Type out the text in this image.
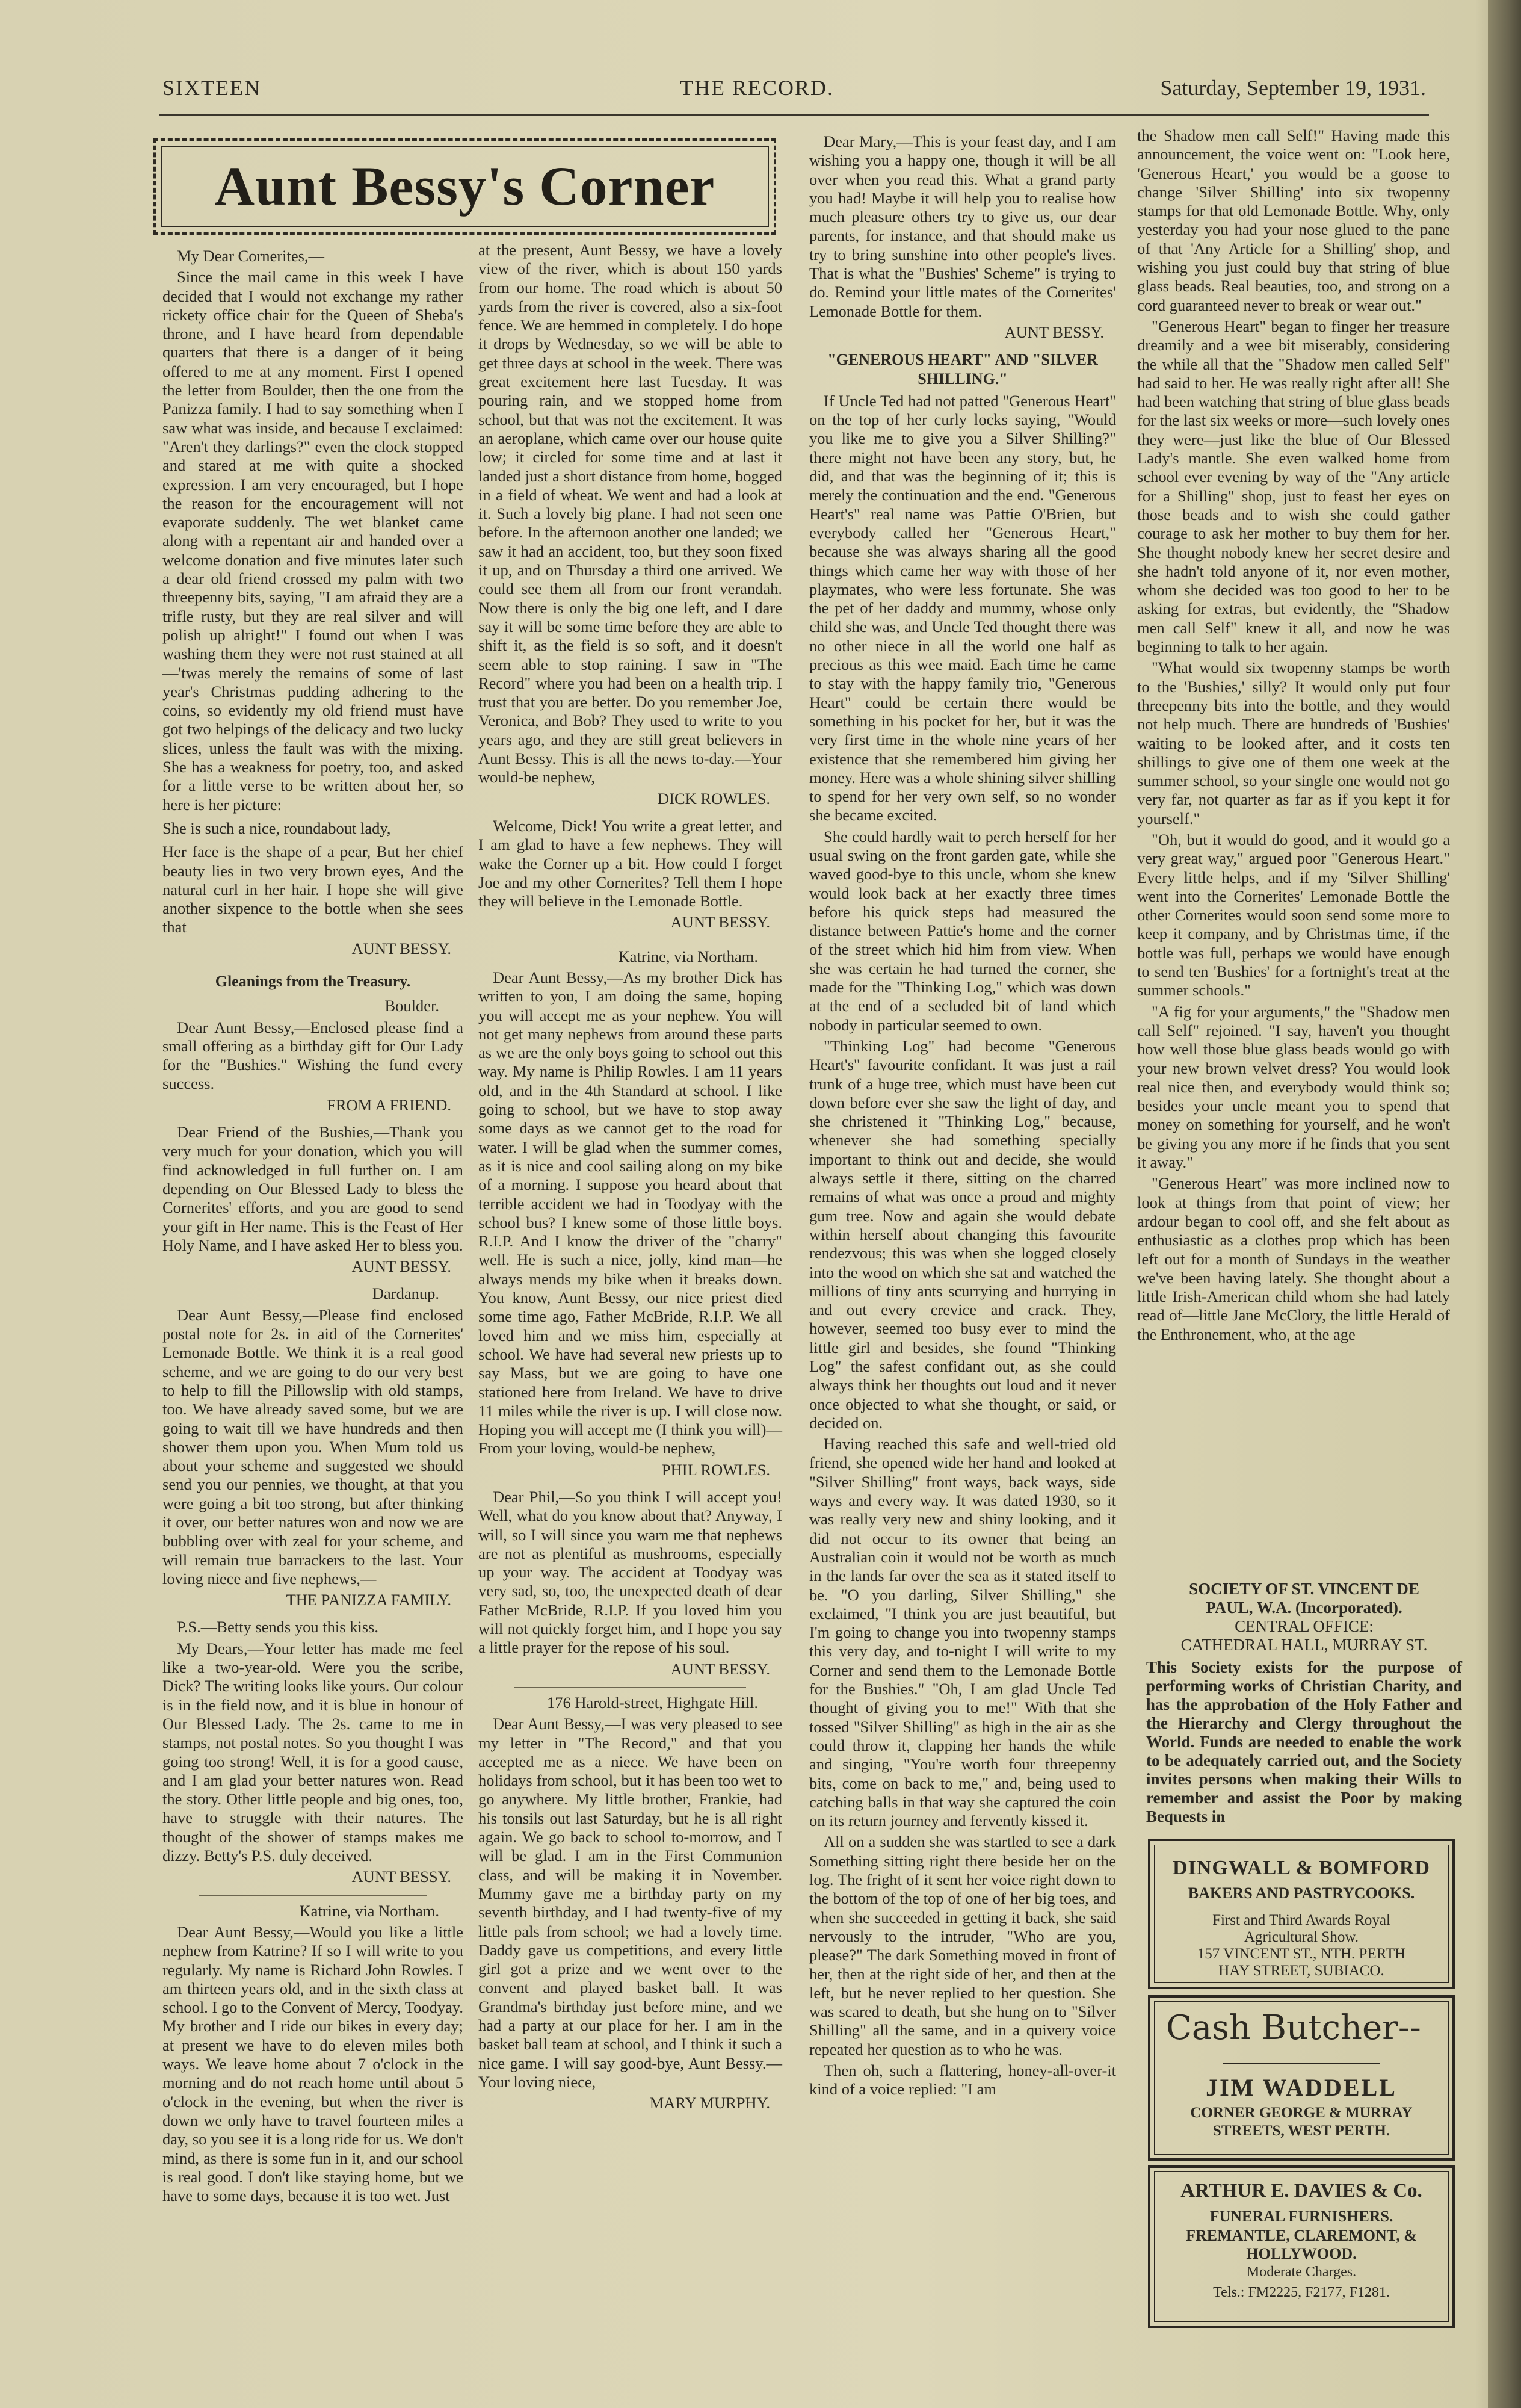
SIXTEEN	THE RECORD.	Saturday, September 19, 1931.
Aunt Bessy's Corner

My Dear Cornerites,—

Since the mail came in this week I have decided that I would not exchange my rather rickety office chair for the Queen of Sheba's throne, and I have heard from dependable quarters that there is a danger of it being offered to me at any moment. First I opened the letter from Boulder, then the one from the Panizza family. I had to say something when I saw what was inside, and because I exclaimed: "Aren't they darlings?" even the clock stopped and stared at me with quite a shocked expression. I am very encouraged, but I hope the reason for the encouragement will not evaporate suddenly. The wet blanket came along with a repentant air and handed over a welcome donation and five minutes later such a dear old friend crossed my palm with two threepenny bits, saying, "I am afraid they are a trifle rusty, but they are real silver and will polish up alright!" I found out when I was washing them they were not rust stained at all—'twas merely the remains of some of last year's Christmas pudding adhering to the coins, so evidently my old friend must have got two helpings of the delicacy and two lucky slices, unless the fault was with the mixing. She has a weakness for poetry, too, and asked for a little verse to be written about her, so here is her picture:

She is such a nice, roundabout lady,

Her face is the shape of a pear, But her chief beauty lies in two very brown eyes, And the natural curl in her hair. I hope she will give another sixpence to the bottle when she sees that

AUNT BESSY.

Gleanings from the Treasury.

Boulder.

Dear Aunt Bessy,—Enclosed please find a small offering as a birthday gift for Our Lady for the "Bushies." Wishing the fund every success.

FROM A FRIEND.

Dear Friend of the Bushies,—Thank you very much for your donation, which you will find acknowledged in full further on. I am depending on Our Blessed Lady to bless the Cornerites' efforts, and you are good to send your gift in Her name. This is the Feast of Her Holy Name, and I have asked Her to bless you.

AUNT BESSY.

Dardanup.

Dear Aunt Bessy,—Please find enclosed postal note for 2s. in aid of the Cornerites' Lemonade Bottle. We think it is a real good scheme, and we are going to do our very best to help to fill the Pillowslip with old stamps, too. We have already saved some, but we are going to wait till we have hundreds and then shower them upon you. When Mum told us about your scheme and suggested we should send you our pennies, we thought, at that you were going a bit too strong, but after thinking it over, our better natures won and now we are bubbling over with zeal for your scheme, and will remain true barrackers to the last. Your loving niece and five nephews,—

THE PANIZZA FAMILY.

P.S.—Betty sends you this kiss.

My Dears,—Your letter has made me feel like a two-year-old. Were you the scribe, Dick? The writing looks like yours. Our colour is in the field now, and it is blue in honour of Our Blessed Lady. The 2s. came to me in stamps, not postal notes. So you thought I was going too strong! Well, it is for a good cause, and I am glad your better natures won. Read the story. Other little people and big ones, too, have to struggle with their natures. The thought of the shower of stamps makes me dizzy. Betty's P.S. duly deceived.

AUNT BESSY.

Katrine, via Northam.

Dear Aunt Bessy,—Would you like a little nephew from Katrine? If so I will write to you regularly. My name is Richard John Rowles. I am thirteen years old, and in the sixth class at school. I go to the Convent of Mercy, Toodyay. My brother and I ride our bikes in every day; at present we have to do eleven miles both ways. We leave home about 7 o'clock in the morning and do not reach home until about 5 o'clock in the evening, but when the river is down we only have to travel fourteen miles a day, so you see it is a long ride for us. We don't mind, as there is some fun in it, and our school is real good. I don't like staying home, but we have to some days, because it is too wet. Just

at the present, Aunt Bessy, we have a lovely view of the river, which is about 150 yards from our home. The road which is about 50 yards from the river is covered, also a six-foot fence. We are hemmed in completely. I do hope it drops by Wednesday, so we will be able to get three days at school in the week. There was great excitement here last Tuesday. It was pouring rain, and we stopped home from school, but that was not the excitement. It was an aeroplane, which came over our house quite low; it circled for some time and at last it landed just a short distance from home, bogged in a field of wheat. We went and had a look at it. Such a lovely big plane. I had not seen one before. In the afternoon another one landed; we saw it had an accident, too, but they soon fixed it up, and on Thursday a third one arrived. We could see them all from our front verandah. Now there is only the big one left, and I dare say it will be some time before they are able to shift it, as the field is so soft, and it doesn't seem able to stop raining. I saw in "The Record" where you had been on a health trip. I trust that you are better. Do you remember Joe, Veronica, and Bob? They used to write to you years ago, and they are still great believers in Aunt Bessy. This is all the news to-day.—Your would-be nephew,

DICK ROWLES.

Welcome, Dick! You write a great letter, and I am glad to have a few nephews. They will wake the Corner up a bit. How could I forget Joe and my other Cornerites? Tell them I hope they will believe in the Lemonade Bottle.

AUNT BESSY.

Katrine, via Northam.

Dear Aunt Bessy,—As my brother Dick has written to you, I am doing the same, hoping you will accept me as your nephew. You will not get many nephews from around these parts as we are the only boys going to school out this way. My name is Philip Rowles. I am 11 years old, and in the 4th Standard at school. I like going to school, but we have to stop away some days as we cannot get to the road for water. I will be glad when the summer comes, as it is nice and cool sailing along on my bike of a morning. I suppose you heard about that terrible accident we had in Toodyay with the school bus? I knew some of those little boys. R.I.P. And I know the driver of the "charry" well. He is such a nice, jolly, kind man—he always mends my bike when it breaks down. You know, Aunt Bessy, our nice priest died some time ago, Father McBride, R.I.P. We all loved him and we miss him, especially at school. We have had several new priests up to say Mass, but we are going to have one stationed here from Ireland. We have to drive 11 miles while the river is up. I will close now. Hoping you will accept me (I think you will)—From your loving, would-be nephew,

PHIL ROWLES.

Dear Phil,—So you think I will accept you! Well, what do you know about that? Anyway, I will, so I will since you warn me that nephews are not as plentiful as mushrooms, especially up your way. The accident at Toodyay was very sad, so, too, the unexpected death of dear Father McBride, R.I.P. If you loved him you will not quickly forget him, and I hope you say a little prayer for the repose of his soul.

AUNT BESSY.

176 Harold-street, Highgate Hill.

Dear Aunt Bessy,—I was very pleased to see my letter in "The Record," and that you accepted me as a niece. We have been on holidays from school, but it has been too wet to go anywhere. My little brother, Frankie, had his tonsils out last Saturday, but he is all right again. We go back to school to-morrow, and I will be glad. I am in the First Communion class, and will be making it in November. Mummy gave me a birthday party on my seventh birthday, and I had twenty-five of my little pals from school; we had a lovely time. Daddy gave us competitions, and every little girl got a prize and we went over to the convent and played basket ball. It was Grandma's birthday just before mine, and we had a party at our place for her. I am in the basket ball team at school, and I think it such a nice game. I will say good-bye, Aunt Bessy.—Your loving niece,

MARY MURPHY.

Dear Mary,—This is your feast day, and I am wishing you a happy one, though it will be all over when you read this. What a grand party you had! Maybe it will help you to realise how much pleasure others try to give us, our dear parents, for instance, and that should make us try to bring sunshine into other people's lives. That is what the "Bushies' Scheme" is trying to do. Remind your little mates of the Cornerites' Lemonade Bottle for them.

AUNT BESSY.

"GENEROUS HEART" AND "SILVER SHILLING."

If Uncle Ted had not patted "Generous Heart" on the top of her curly locks saying, "Would you like me to give you a Silver Shilling?" there might not have been any story, but, he did, and that was the beginning of it; this is merely the continuation and the end. "Generous Heart's" real name was Pattie O'Brien, but everybody called her "Generous Heart," because she was always sharing all the good things which came her way with those of her playmates, who were less fortunate. She was the pet of her daddy and mummy, whose only child she was, and Uncle Ted thought there was no other niece in all the world one half as precious as this wee maid. Each time he came to stay with the happy family trio, "Generous Heart" could be certain there would be something in his pocket for her, but it was the very first time in the whole nine years of her existence that she remembered him giving her money. Here was a whole shining silver shilling to spend for her very own self, so no wonder she became excited.

She could hardly wait to perch herself for her usual swing on the front garden gate, while she waved good-bye to this uncle, whom she knew would look back at her exactly three times before his quick steps had measured the distance between Pattie's home and the corner of the street which hid him from view. When she was certain he had turned the corner, she made for the "Thinking Log," which was down at the end of a secluded bit of land which nobody in particular seemed to own.

"Thinking Log" had become "Generous Heart's" favourite confidant. It was just a rail trunk of a huge tree, which must have been cut down before ever she saw the light of day, and she christened it "Thinking Log," because, whenever she had something specially important to think out and decide, she would always settle it there, sitting on the charred remains of what was once a proud and mighty gum tree. Now and again she would debate within herself about changing this favourite rendezvous; this was when she logged closely into the wood on which she sat and watched the millions of tiny ants scurrying and hurrying in and out every crevice and crack. They, however, seemed too busy ever to mind the little girl and besides, she found "Thinking Log" the safest confidant out, as she could always think her thoughts out loud and it never once objected to what she thought, or said, or decided on.

Having reached this safe and well-tried old friend, she opened wide her hand and looked at "Silver Shilling" front ways, back ways, side ways and every way. It was dated 1930, so it was really very new and shiny looking, and it did not occur to its owner that being an Australian coin it would not be worth as much in the lands far over the sea as it stated itself to be. "O you darling, Silver Shilling," she exclaimed, "I think you are just beautiful, but I'm going to change you into twopenny stamps this very day, and to-night I will write to my Corner and send them to the Lemonade Bottle for the Bushies." "Oh, I am glad Uncle Ted thought of giving you to me!" With that she tossed "Silver Shilling" as high in the air as she could throw it, clapping her hands the while and singing, "You're worth four threepenny bits, come on back to me," and, being used to catching balls in that way she captured the coin on its return journey and fervently kissed it.

All on a sudden she was startled to see a dark Something sitting right there beside her on the log. The fright of it sent her voice right down to the bottom of the top of one of her big toes, and when she succeeded in getting it back, she said nervously to the intruder, "Who are you, please?" The dark Something moved in front of her, then at the right side of her, and then at the left, but he never replied to her question. She was scared to death, but she hung on to "Silver Shilling" all the same, and in a quivery voice repeated her question as to who he was.

Then oh, such a flattering, honey-all-over-it kind of a voice replied: "I am

the Shadow men call Self!" Having made this announcement, the voice went on: "Look here, 'Generous Heart,' you would be a goose to change 'Silver Shilling' into six twopenny stamps for that old Lemonade Bottle. Why, only yesterday you had your nose glued to the pane of that 'Any Article for a Shilling' shop, and wishing you just could buy that string of blue glass beads. Real beauties, too, and strong on a cord guaranteed never to break or wear out."

"Generous Heart" began to finger her treasure dreamily and a wee bit miserably, considering the while all that the "Shadow men called Self" had said to her. He was really right after all! She had been watching that string of blue glass beads for the last six weeks or more—such lovely ones they were—just like the blue of Our Blessed Lady's mantle. She even walked home from school ever evening by way of the "Any article for a Shilling" shop, just to feast her eyes on those beads and to wish she could gather courage to ask her mother to buy them for her. She thought nobody knew her secret desire and she hadn't told anyone of it, nor even mother, whom she decided was too good to her to be asking for extras, but evidently, the "Shadow men call Self" knew it all, and now he was beginning to talk to her again.

"What would six twopenny stamps be worth to the 'Bushies,' silly? It would only put four threepenny bits into the bottle, and they would not help much. There are hundreds of 'Bushies' waiting to be looked after, and it costs ten shillings to give one of them one week at the summer school, so your single one would not go very far, not quarter as far as if you kept it for yourself."

"Oh, but it would do good, and it would go a very great way," argued poor "Generous Heart." Every little helps, and if my 'Silver Shilling' went into the Cornerites' Lemonade Bottle the other Cornerites would soon send some more to keep it company, and by Christmas time, if the bottle was full, perhaps we would have enough to send ten 'Bushies' for a fortnight's treat at the summer schools."

"A fig for your arguments," the "Shadow men call Self" rejoined. "I say, haven't you thought how well those blue glass beads would go with your new brown velvet dress? You would look real nice then, and everybody would think so; besides your uncle meant you to spend that money on something for yourself, and he won't be giving you any more if he finds that you sent it away."

"Generous Heart" was more inclined now to look at things from that point of view; her ardour began to cool off, and she felt about as enthusiastic as a clothes prop which has been left out for a month of Sundays in the weather we've been having lately. She thought about a little Irish-American child whom she had lately read of—little Jane McClory, the little Herald of the Enthronement, who, at the age

SOCIETY OF ST. VINCENT DE
PAUL, W.A. (Incorporated).
CENTRAL OFFICE:
CATHEDRAL HALL, MURRAY ST.
This Society exists for the purpose of performing works of Christian Charity, and has the approbation of the Holy Father and the Hierarchy and Clergy throughout the World. Funds are needed to enable the work to be adequately carried out, and the Society invites persons when making their Wills to remember and assist the Poor by making Bequests in
DINGWALL & BOMFORD
BAKERS AND PASTRYCOOKS.
First and Third Awards Royal
Agricultural Show.
157 VINCENT ST., NTH. PERTH
HAY STREET, SUBIACO.
Cash Butcher--
JIM WADDELL
CORNER GEORGE & MURRAY
STREETS, WEST PERTH.
ARTHUR E. DAVIES & Co.
FUNERAL FURNISHERS.
FREMANTLE, CLAREMONT, &
HOLLYWOOD.
Moderate Charges.
Tels.: FM2225, F2177, F1281.
